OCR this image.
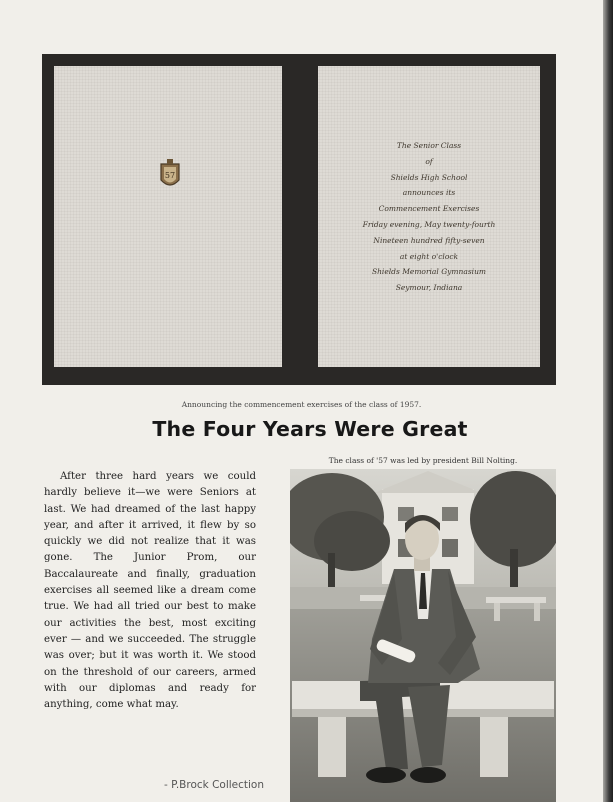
57
The Senior Class
of
Shields High School
announces its
Commencement Exercises
Friday evening, May twenty-fourth
Nineteen hundred fifty-seven
at eight o'clock
Shields Memorial Gymnasium
Seymour, Indiana
Announcing the commencement exercises of the class of 1957.
The Four Years Were Great
The class of '57 was led by president Bill Nolting.

After three hard years we could hardly believe it—we were Seniors at last. We had dreamed of the last happy year, and after it arrived, it flew by so quickly we did not realize that it was gone. The Junior Prom, our Baccalaureate and finally, graduation exercises all seemed like a dream come true. We had all tried our best to make our activities the best, most exciting ever — and we succeeded. The struggle was over; but it was worth it. We stood on the threshold of our careers, armed with our diplomas and ready for anything, come what may.

- P.Brock Collection
